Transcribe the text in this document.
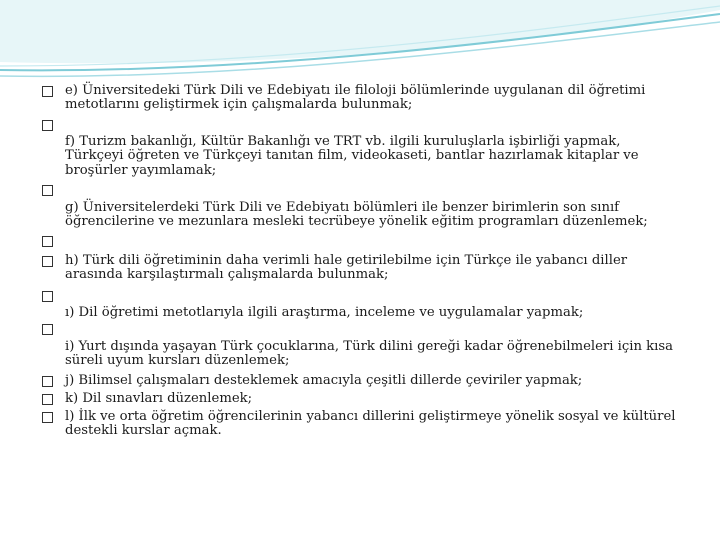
e) Üniversitedeki Türk Dili ve Edebiyatı ile filoloji bölümlerinde uygulanan dil öğretimi metotlarını geliştirmek için çalışmalarda bulunmak;
f) Turizm bakanlığı, Kültür Bakanlığı ve TRT vb. ilgili kuruluşlarla işbirliği yapmak, Türkçeyi öğreten ve Türkçeyi tanıtan film, videokaseti, bantlar hazırlamak kitaplar ve broşürler yayımlamak;
g) Üniversitelerdeki Türk Dili ve Edebiyatı bölümleri ile benzer birimlerin son sınıf öğrencilerine ve mezunlara mesleki tecrübeye yönelik eğitim programları düzenlemek;
h) Türk dili öğretiminin daha verimli hale getirilebilme için Türkçe ile yabancı diller arasında karşılaştırmalı çalışmalarda bulunmak;
ı) Dil öğretimi metotlarıyla ilgili araştırma, inceleme ve uygulamalar yapmak;
i) Yurt dışında yaşayan Türk çocuklarına, Türk dilini gereği kadar öğrenebilmeleri için kısa süreli uyum kursları düzenlemek;
j) Bilimsel çalışmaları desteklemek amacıyla çeşitli dillerde çeviriler yapmak;
k) Dil sınavları düzenlemek;
l) İlk ve orta öğretim öğrencilerinin yabancı dillerini geliştirmeye yönelik sosyal ve kültürel destekli kurslar açmak.
